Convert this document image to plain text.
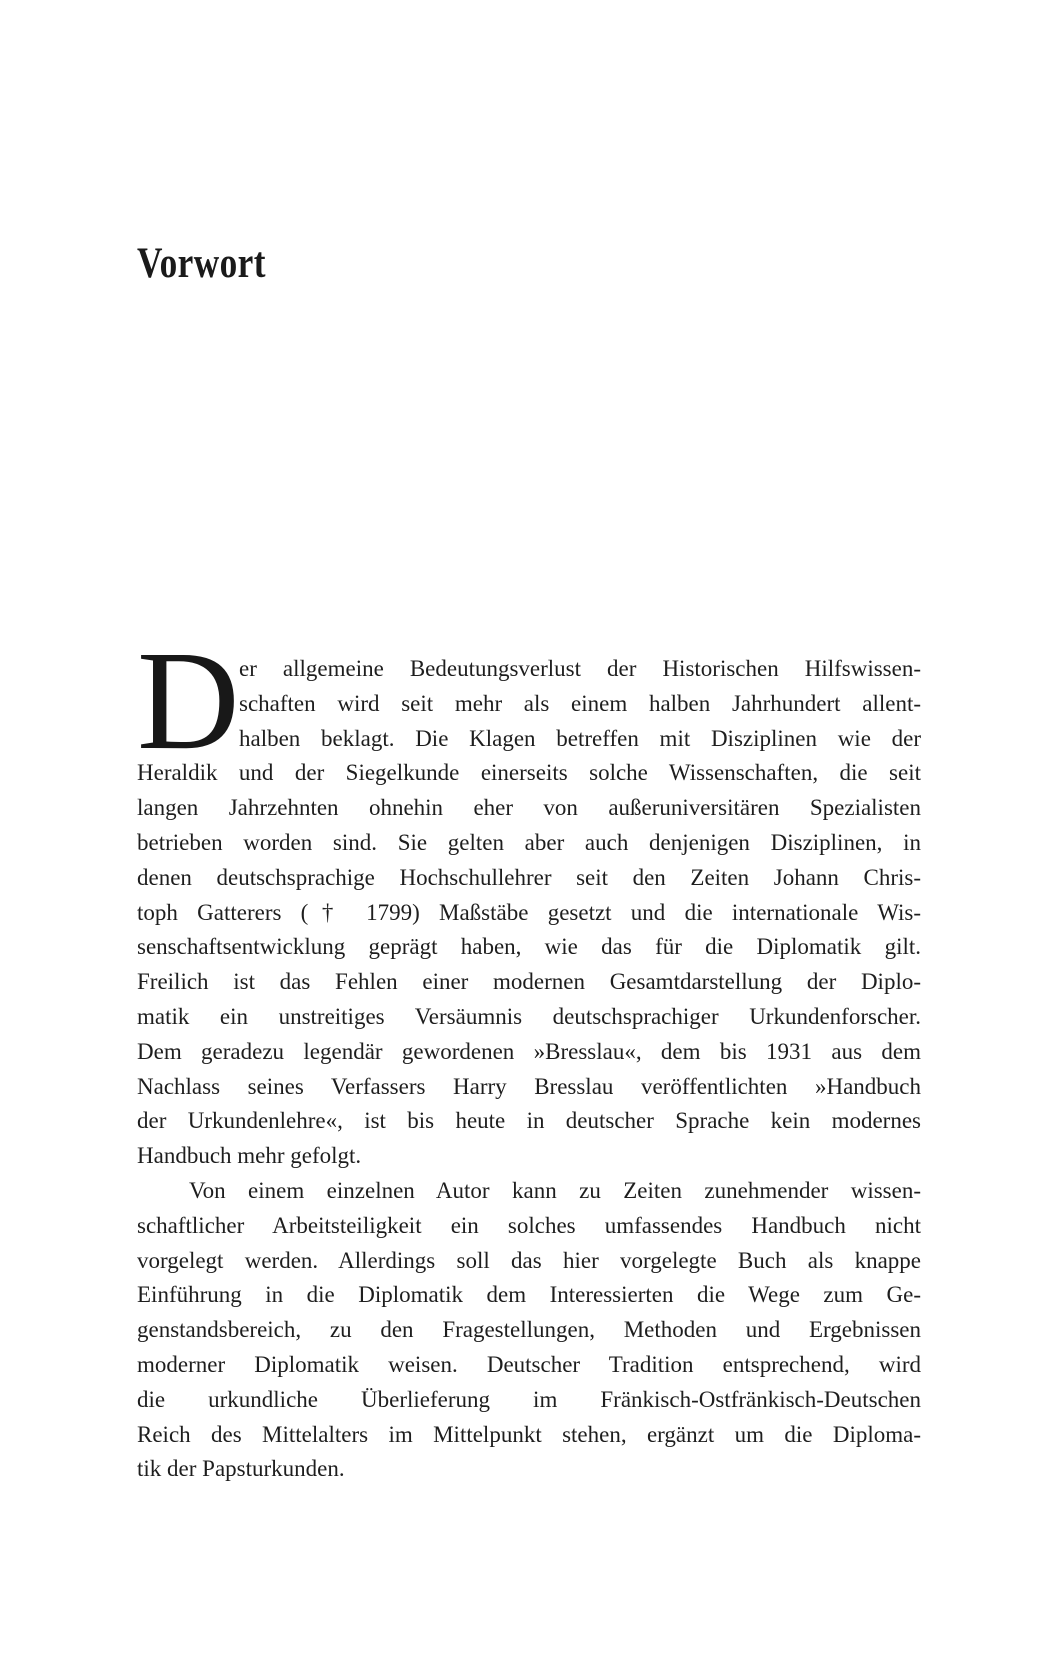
Vorwort
D er allgemeine Bedeutungsverlust der Historischen Hilfswissen-
schaften wird seit mehr als einem halben Jahrhundert allent-
halben beklagt. Die Klagen betreffen mit Disziplinen wie der
Heraldik und der Siegelkunde einerseits solche Wissenschaften, die seit
langen Jahrzehnten ohnehin eher von außeruniversitären Spezialisten
betrieben worden sind. Sie gelten aber auch denjenigen Disziplinen, in
denen deutschsprachige Hochschullehrer seit den Zeiten Johann Chris-
toph Gatterers († 1799) Maßstäbe gesetzt und die internationale Wis-
senschaftsentwicklung geprägt haben, wie das für die Diplomatik gilt.
Freilich ist das Fehlen einer modernen Gesamtdarstellung der Diplo-
matik ein unstreitiges Versäumnis deutschsprachiger Urkundenforscher.
Dem geradezu legendär gewordenen »Bresslau«, dem bis 1931 aus dem
Nachlass seines Verfassers Harry Bresslau veröffentlichten »Handbuch
der Urkundenlehre«, ist bis heute in deutscher Sprache kein modernes
Handbuch mehr gefolgt.
Von einem einzelnen Autor kann zu Zeiten zunehmender wissen-
schaftlicher Arbeitsteiligkeit ein solches umfassendes Handbuch nicht
vorgelegt werden. Allerdings soll das hier vorgelegte Buch als knappe
Einführung in die Diplomatik dem Interessierten die Wege zum Ge-
genstandsbereich, zu den Fragestellungen, Methoden und Ergebnissen
moderner Diplomatik weisen. Deutscher Tradition entsprechend, wird
die urkundliche Überlieferung im Fränkisch-Ostfränkisch-Deutschen
Reich des Mittelalters im Mittelpunkt stehen, ergänzt um die Diploma-
tik der Papsturkunden.
